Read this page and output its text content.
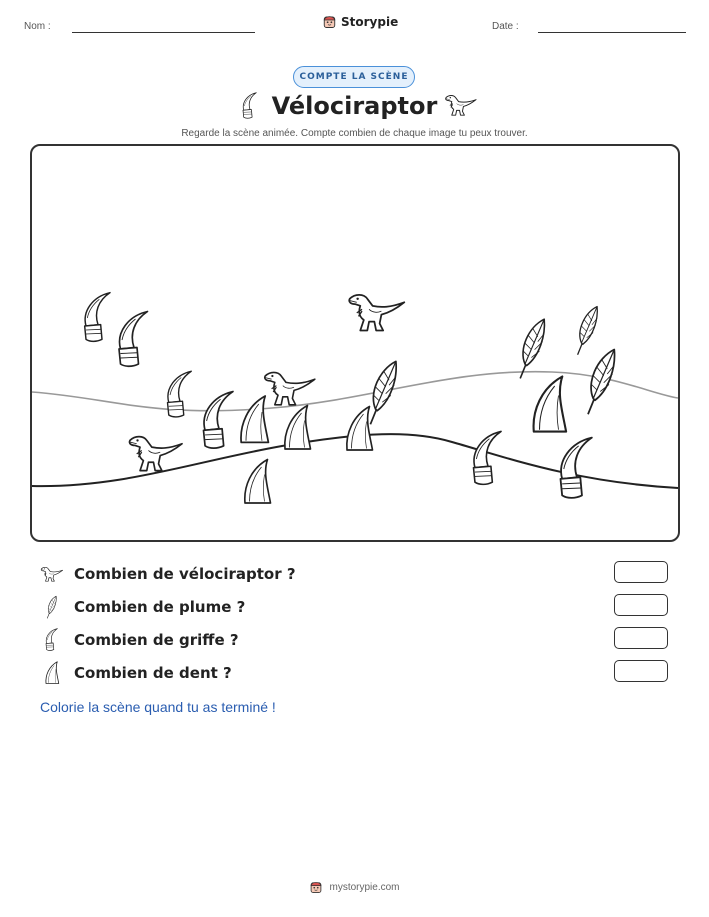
Nom :	Storypie	Date :
COMPTE LA SCÈNE
Vélociraptor
Regarde la scène animée. Compte combien de chaque image tu peux trouver.
Combien de vélociraptor ?
Combien de plume ?
Combien de griffe ?
Combien de dent ?
Colorie la scène quand tu as terminé !
mystorypie.com
